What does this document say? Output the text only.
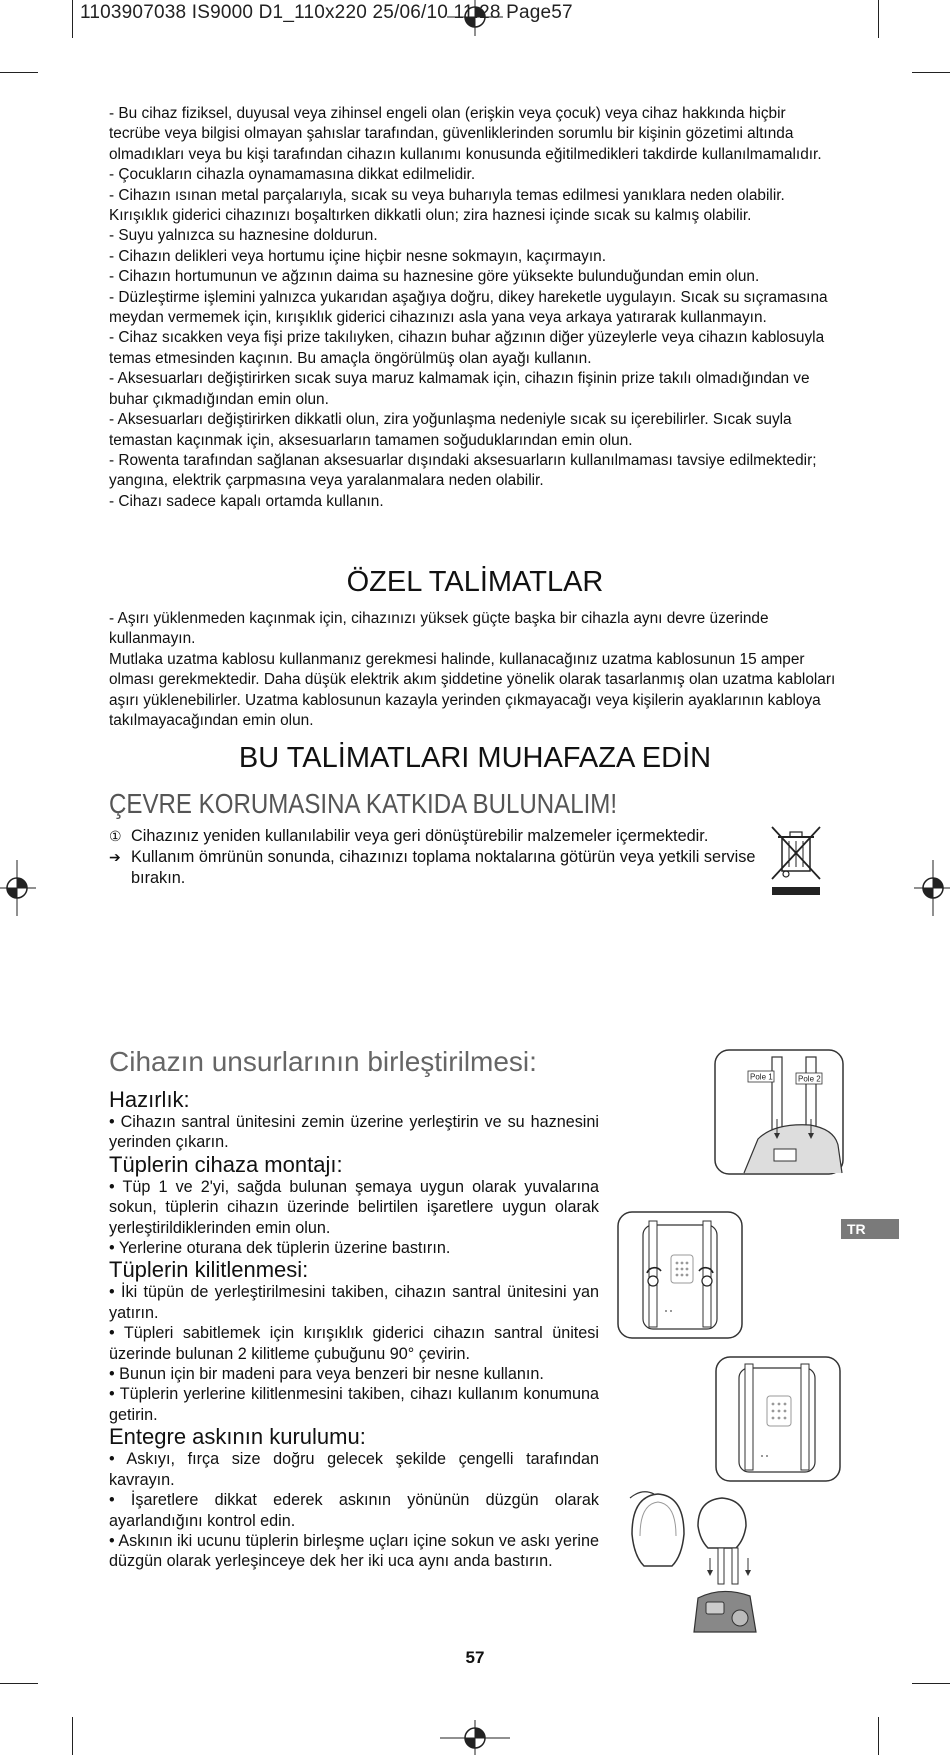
1103907038 IS9000 D1_110x220 25/06/10 11:28 Page57

- Bu cihaz fiziksel, duyusal veya zihinsel engeli olan (erişkin veya çocuk) veya cihaz hakkında hiçbir tecrübe veya bilgisi olmayan şahıslar tarafından, güvenliklerinden sorumlu bir kişinin gözetimi altında olmadıkları veya bu kişi tarafından cihazın kullanımı konusunda eğitilmedikleri takdirde kullanılmamalıdır.

- Çocukların cihazla oynamamasına dikkat edilmelidir.

- Cihazın ısınan metal parçalarıyla, sıcak su veya buharıyla temas edilmesi yanıklara neden olabilir. Kırışıklık giderici cihazınızı boşaltırken dikkatli olun; zira haznesi içinde sıcak su kalmış olabilir.

- Suyu yalnızca su haznesine doldurun.

- Cihazın delikleri veya hortumu içine hiçbir nesne sokmayın, kaçırmayın.

- Cihazın hortumunun ve ağzının daima su haznesine göre yüksekte bulunduğundan emin olun.

- Düzleştirme işlemini yalnızca yukarıdan aşağıya doğru, dikey hareketle uygulayın. Sıcak su sıçramasına meydan vermemek için, kırışıklık giderici cihazınızı asla yana veya arkaya yatırarak kullanmayın.

- Cihaz sıcakken veya fişi prize takılıyken, cihazın buhar ağzının diğer yüzeylerle veya cihazın kablosuyla temas etmesinden kaçının. Bu amaçla öngörülmüş olan ayağı kullanın.

- Aksesuarları değiştirirken sıcak suya maruz kalmamak için, cihazın fişinin prize takılı olmadığından ve buhar çıkmadığından emin olun.

- Aksesuarları değiştirirken dikkatli olun, zira yoğunlaşma nedeniyle sıcak su içerebilirler. Sıcak suyla temastan kaçınmak için, aksesuarların tamamen soğuduklarından emin olun.

- Rowenta tarafından sağlanan aksesuarlar dışındaki aksesuarların kullanılmaması tavsiye edilmektedir; yangına, elektrik çarpmasına veya yaralanmalara neden olabilir.

- Cihazı sadece kapalı ortamda kullanın.

ÖZEL TALİMATLAR

- Aşırı yüklenmeden kaçınmak için, cihazınızı yüksek güçte başka bir cihazla aynı devre üzerinde kullanmayın.

Mutlaka uzatma kablosu kullanmanız gerekmesi halinde, kullanacağınız uzatma kablosunun 15 amper olması gerekmektedir. Daha düşük elektrik akım şiddetine yönelik olarak tasarlanmış olan uzatma kabloları aşırı yüklenebilirler. Uzatma kablosunun kazayla yerinden çıkmayacağı veya kişilerin ayaklarının kabloya takılmayacağından emin olun.

BU TALİMATLARI MUHAFAZA EDİN
ÇEVRE KORUMASINA KATKIDA BULUNALIM!
① Cihazınız yeniden kullanılabilir veya geri dönüştürebilir malzemeler içermektedir.
➔ Kullanım ömrünün sonunda, cihazınızı toplama noktalarına götürün veya yetkili servise bırakın.
Cihazın unsurlarının birleştirilmesi:
Hazırlık:

• Cihazın santral ünitesini zemin üzerine yerleştirin ve su haznesini yerinden çıkarın.

Tüplerin cihaza montajı:

• Tüp 1 ve 2'yi, sağda bulunan şemaya uygun olarak yuvalarına sokun, tüplerin cihazın üzerinde belirtilen işaretlere uygun olarak yerleştirildiklerinden emin olun.

• Yerlerine oturana dek tüplerin üzerine bastırın.

Tüplerin kilitlenmesi:

• İki tüpün de yerleştirilmesini takiben, cihazın santral ünitesini yan yatırın.

• Tüpleri sabitlemek için kırışıklık giderici cihazın santral ünitesi üzerinde bulunan 2 kilitleme çubuğunu 90° çevirin.

• Bunun için bir madeni para veya benzeri bir nesne kullanın.

• Tüplerin yerlerine kilitlenmesini takiben, cihazı kullanım konumuna getirin.

Entegre askının kurulumu:

• Askıyı, fırça size doğru gelecek şekilde çengelli tarafından kavrayın.

• İşaretlere dikkat ederek askının yönünün düzgün olarak ayarlandığını kontrol edin.

• Askının iki ucunu tüplerin birleşme uçları içine sokun ve askı yerine düzgün olarak yerleşinceye dek her iki uca aynı anda bastırın.

Pole 1	Pole 2
TR
57
